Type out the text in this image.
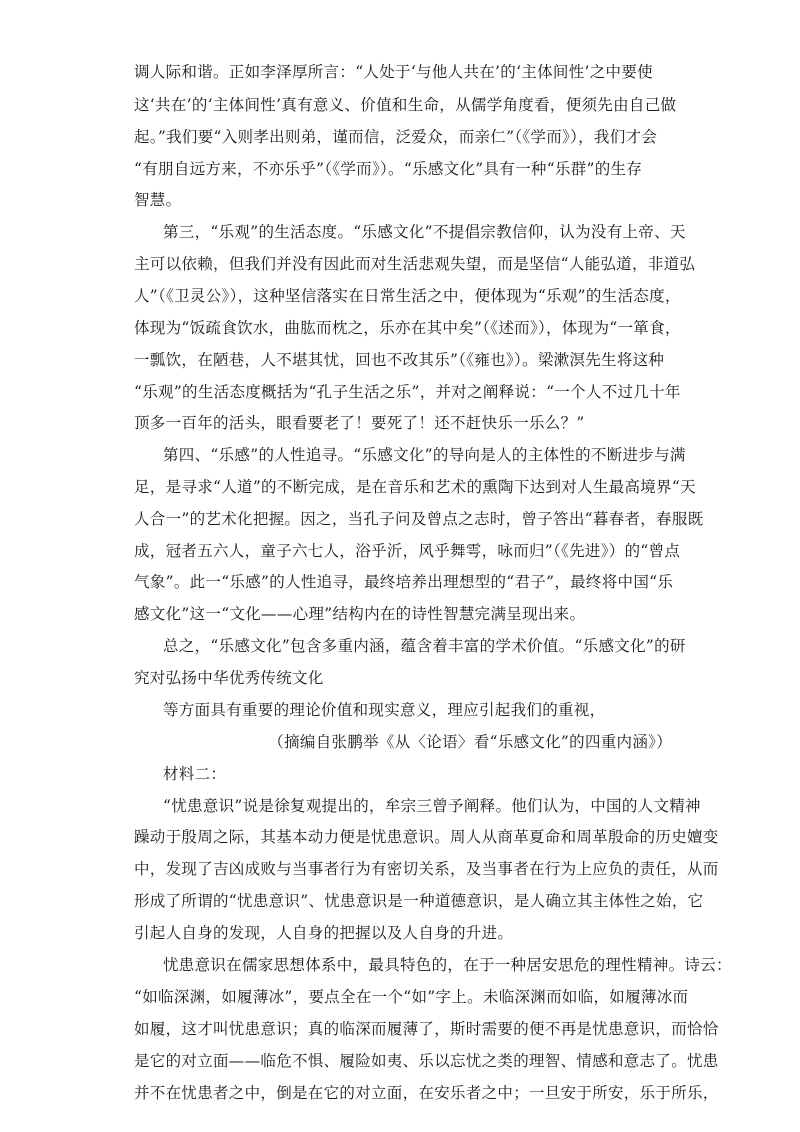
调人际和谐。正如李泽厚所言：“人处于‘与他人共在’的‘主体间性’之中要使
这‘共在’的‘主体间性’真有意义、价值和生命，从儒学角度看，便须先由自己做
起。”我们要“入则孝出则弟，谨而信，泛爱众，而亲仁”（《学而》），我们才会
“有朋自远方来，不亦乐乎”（《学而》）。“乐感文化”具有一种“乐群”的生存
智慧。
第三，“乐观”的生活态度。“乐感文化”不提倡宗教信仰，认为没有上帝、天
主可以依赖，但我们并没有因此而对生活悲观失望，而是坚信“人能弘道，非道弘
人”（《卫灵公》），这种坚信落实在日常生活之中，便体现为“乐观”的生活态度，
体现为“饭疏食饮水，曲肱而枕之，乐亦在其中矣”（《述而》），体现为“一箪食，
一瓢饮，在陋巷，人不堪其忧，回也不改其乐”（《雍也》）。梁漱溟先生将这种
“乐观”的生活态度概括为“孔子生活之乐”，并对之阐释说：“一个人不过几十年
顶多一百年的活头，眼看要老了！要死了！还不赶快乐一乐么？”
第四、“乐感”的人性追寻。“乐感文化”的导向是人的主体性的不断进步与满
足，是寻求“人道”的不断完成，是在音乐和艺术的熏陶下达到对人生最高境界“天
人合一”的艺术化把握。因之，当孔子问及曾点之志时，曾子答出“暮春者，春服既
成，冠者五六人，童子六七人，浴乎沂，风乎舞雩，咏而归”（《先进》）的“曾点
气象”。此一“乐感”的人性追寻，最终培养出理想型的“君子”，最终将中国“乐
感文化”这一“文化——心理”结构内在的诗性智慧完满呈现出来。
总之，“乐感文化”包含多重内涵，蕴含着丰富的学术价值。“乐感文化”的研
究对弘扬中华优秀传统文化
等方面具有重要的理论价值和现实意义，理应引起我们的重视，
（摘编自张鹏举《从〈论语〉看“乐感文化”的四重内涵》）
材料二：
“忧患意识”说是徐复观提出的，牟宗三曾予阐释。他们认为，中国的人文精神
躁动于殷周之际，其基本动力便是忧患意识。周人从商革夏命和周革殷命的历史嬗变
中，发现了吉凶成败与当事者行为有密切关系，及当事者在行为上应负的责任，从而
形成了所谓的“忧患意识”、忧患意识是一种道德意识，是人确立其主体性之始，它
引起人自身的发现，人自身的把握以及人自身的升进。
忧患意识在儒家思想体系中，最具特色的，在于一种居安思危的理性精神。诗云：
“如临深渊，如履薄冰”，要点全在一个“如”字上。未临深渊而如临，如履薄冰而
如履，这才叫忧患意识；真的临深而履薄了，斯时需要的便不再是忧患意识，而恰恰
是它的对立面——临危不惧、履险如夷、乐以忘忧之类的理智、情感和意志了。忧患
并不在忧患者之中，倒是在它的对立面，在安乐者之中；一旦安于所安，乐于所乐，
